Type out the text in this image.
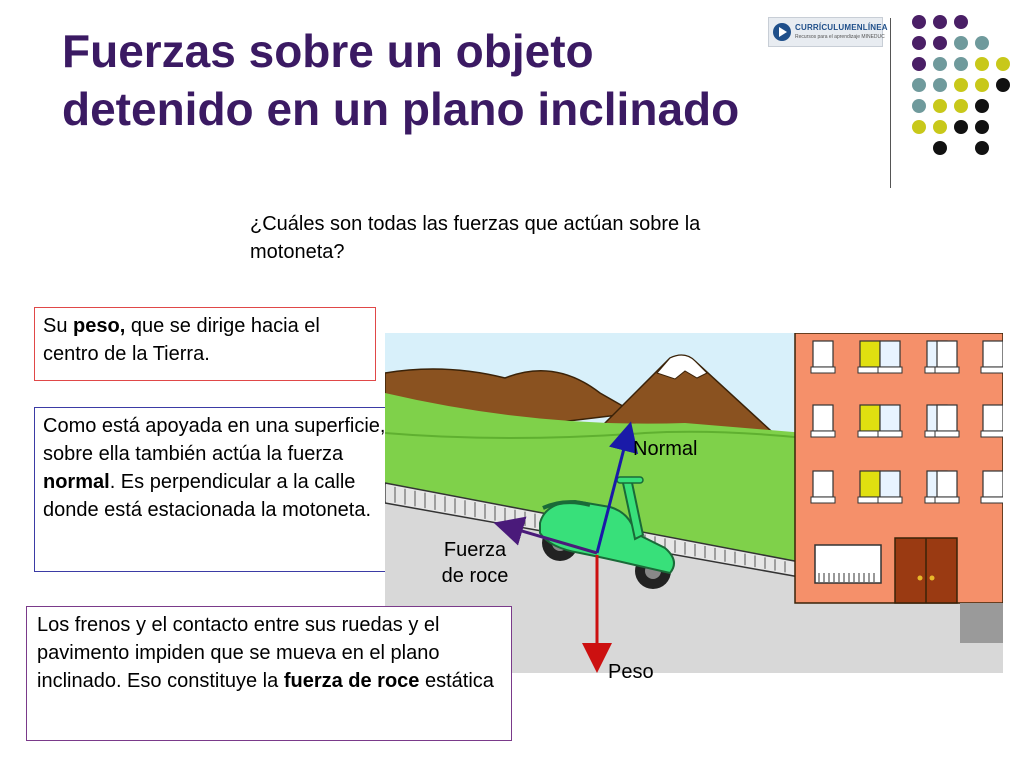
Fuerzas sobre un objeto
detenido en un plano inclinado
CURRÍCULUMENLÍNEA
Recursos para el aprendizaje MINEDUC
¿Cuáles son todas las fuerzas que actúan sobre la motoneta?
Su peso, que se dirige hacia el centro de la Tierra.
Como está apoyada en una superficie, sobre ella también actúa la fuerza normal. Es perpendicular a la calle donde está estacionada la motoneta.
Normal
Fuerza
de roce
Peso
Los frenos y el contacto entre sus ruedas y el pavimento impiden que se mueva en el plano inclinado. Eso constituye la fuerza de roce estática
